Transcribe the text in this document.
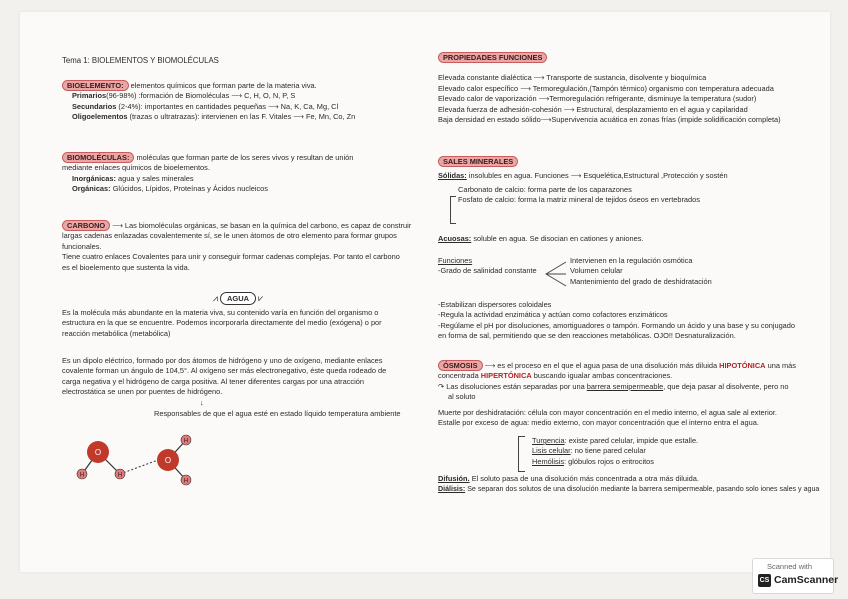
Tema 1: BIOLEMENTOS Y BIOMOLÉCULAS
BIOELEMENTO: elementos químicos que forman parte de la materia viva.
Primarios(96-98%) :formación de Biomoléculas ⟶ C, H, O, N, P, S
Secundarios (2-4%): importantes en cantidades pequeñas ⟶ Na, K, Ca, Mg, Cl
Oligoelementos (trazas o ultratrazas): intervienen en las F. Vitales ⟶ Fe, Mn, Co, Zn
BIOMOLÉCULAS: moléculas que forman parte de los seres vivos y resultan de unión
mediante enlaces químicos de bioelementos.
Inorgánicas: agua y sales minerales
Orgánicas: Glúcidos, Lípidos, Proteínas y Ácidos nucleicos
CARBONO ⟶ Las biomoléculas orgánicas, se basan en la química del carbono, es capaz de construir
largas cadenas enlazadas covalentemente sí, se le unen átomos de otro elemento para formar grupos
funcionales.
Tiene cuatro enlaces Covalentes para unir y conseguir formar cadenas complejas. Por tanto el carbono
es el bioelemento que sustenta la vida.
⩘ AGUA ⩗
Es la molécula más abundante en la materia viva, su contenido varía en función del organismo o
estructura en la que se encuentre. Podemos incorporarla directamente del medio (exógena) o por
reacción metabólica (metabólica)
Es un dipolo eléctrico, formado por dos átomos de hidrógeno y uno de oxígeno, mediante enlaces
covalente forman un ángulo de 104,5°. Al oxígeno ser más electronegativo, éste queda rodeado de
carga negativa y el hidrógeno de carga positiva. Al tener diferentes cargas por una atracción
electrostática se unen por puentes de hidrógeno.
↓
Responsables de que el agua esté en estado líquido temperatura ambiente
O
O
H	H
H
H
PROPIEDADES FUNCIONES
Elevada constante dialéctica ⟶ Transporte de sustancia, disolvente y bioquímica
Elevado calor específico ⟶ Termoregulación,(Tampón térmico) organismo con temperatura adecuada
Elevado calor de vaporización ⟶Termoregulación refrigerante, disminuye la temperatura (sudor)
Elevada fuerza de adhesión-cohesión ⟶ Estructural, desplazamiento en el agua y capilaridad
Baja densidad en estado sólido⟶Supervivencia acuática en zonas frías (impide solidificación completa)
SALES MINERALES
Sólidas: insolubles en agua. Funciones ⟶ Esquelética,Estructural ,Protección y sostén
Carbonato de calcio: forma parte de los caparazones
Fosfato de calcio: forma la matriz mineral de tejidos óseos en vertebrados
Acuosas: soluble en agua. Se disocian en cationes y aniones.
Funciones
-Grado de salinidad constante
Intervienen en la regulación osmótica
Volumen celular
Mantenimiento del grado de deshidratación
-Estabilizan dispersores coloidales
-Regula la actividad enzimática y actúan como cofactores enzimáticos
-Regúlame el pH por disoluciones, amortiguadores o tampón. Formando un ácido y una base y su conjugado
en forma de sal, permitiendo que se den reacciones metabólicas. OJO!! Desnaturalización.
ÓSMOSIS ⟶ es el proceso en el que el agua pasa de una disolución más diluida HIPOTÓNICA una más
concentrada HIPERTÓNICA buscando igualar ambas concentraciones.
↷ Las disoluciones están separadas por una barrera semipermeable, que deja pasar al disolvente, pero no
al soluto
Muerte por deshidratación: célula con mayor concentración en el medio interno, el agua sale al exterior.
Estalle por exceso de agua: medio externo, con mayor concentración que el interno entra el agua.
Turgencia: existe pared celular, impide que estalle.
Lisis celular: no tiene pared celular
Hemólisis: glóbulos rojos o eritrocitos
Difusión. El soluto pasa de una disolución más concentrada a otra más diluida.
Diálisis: Se separan dos solutos de una disolución mediante la barrera semipermeable, pasando solo iones sales y agua
Scanned with
CS CamScanner
